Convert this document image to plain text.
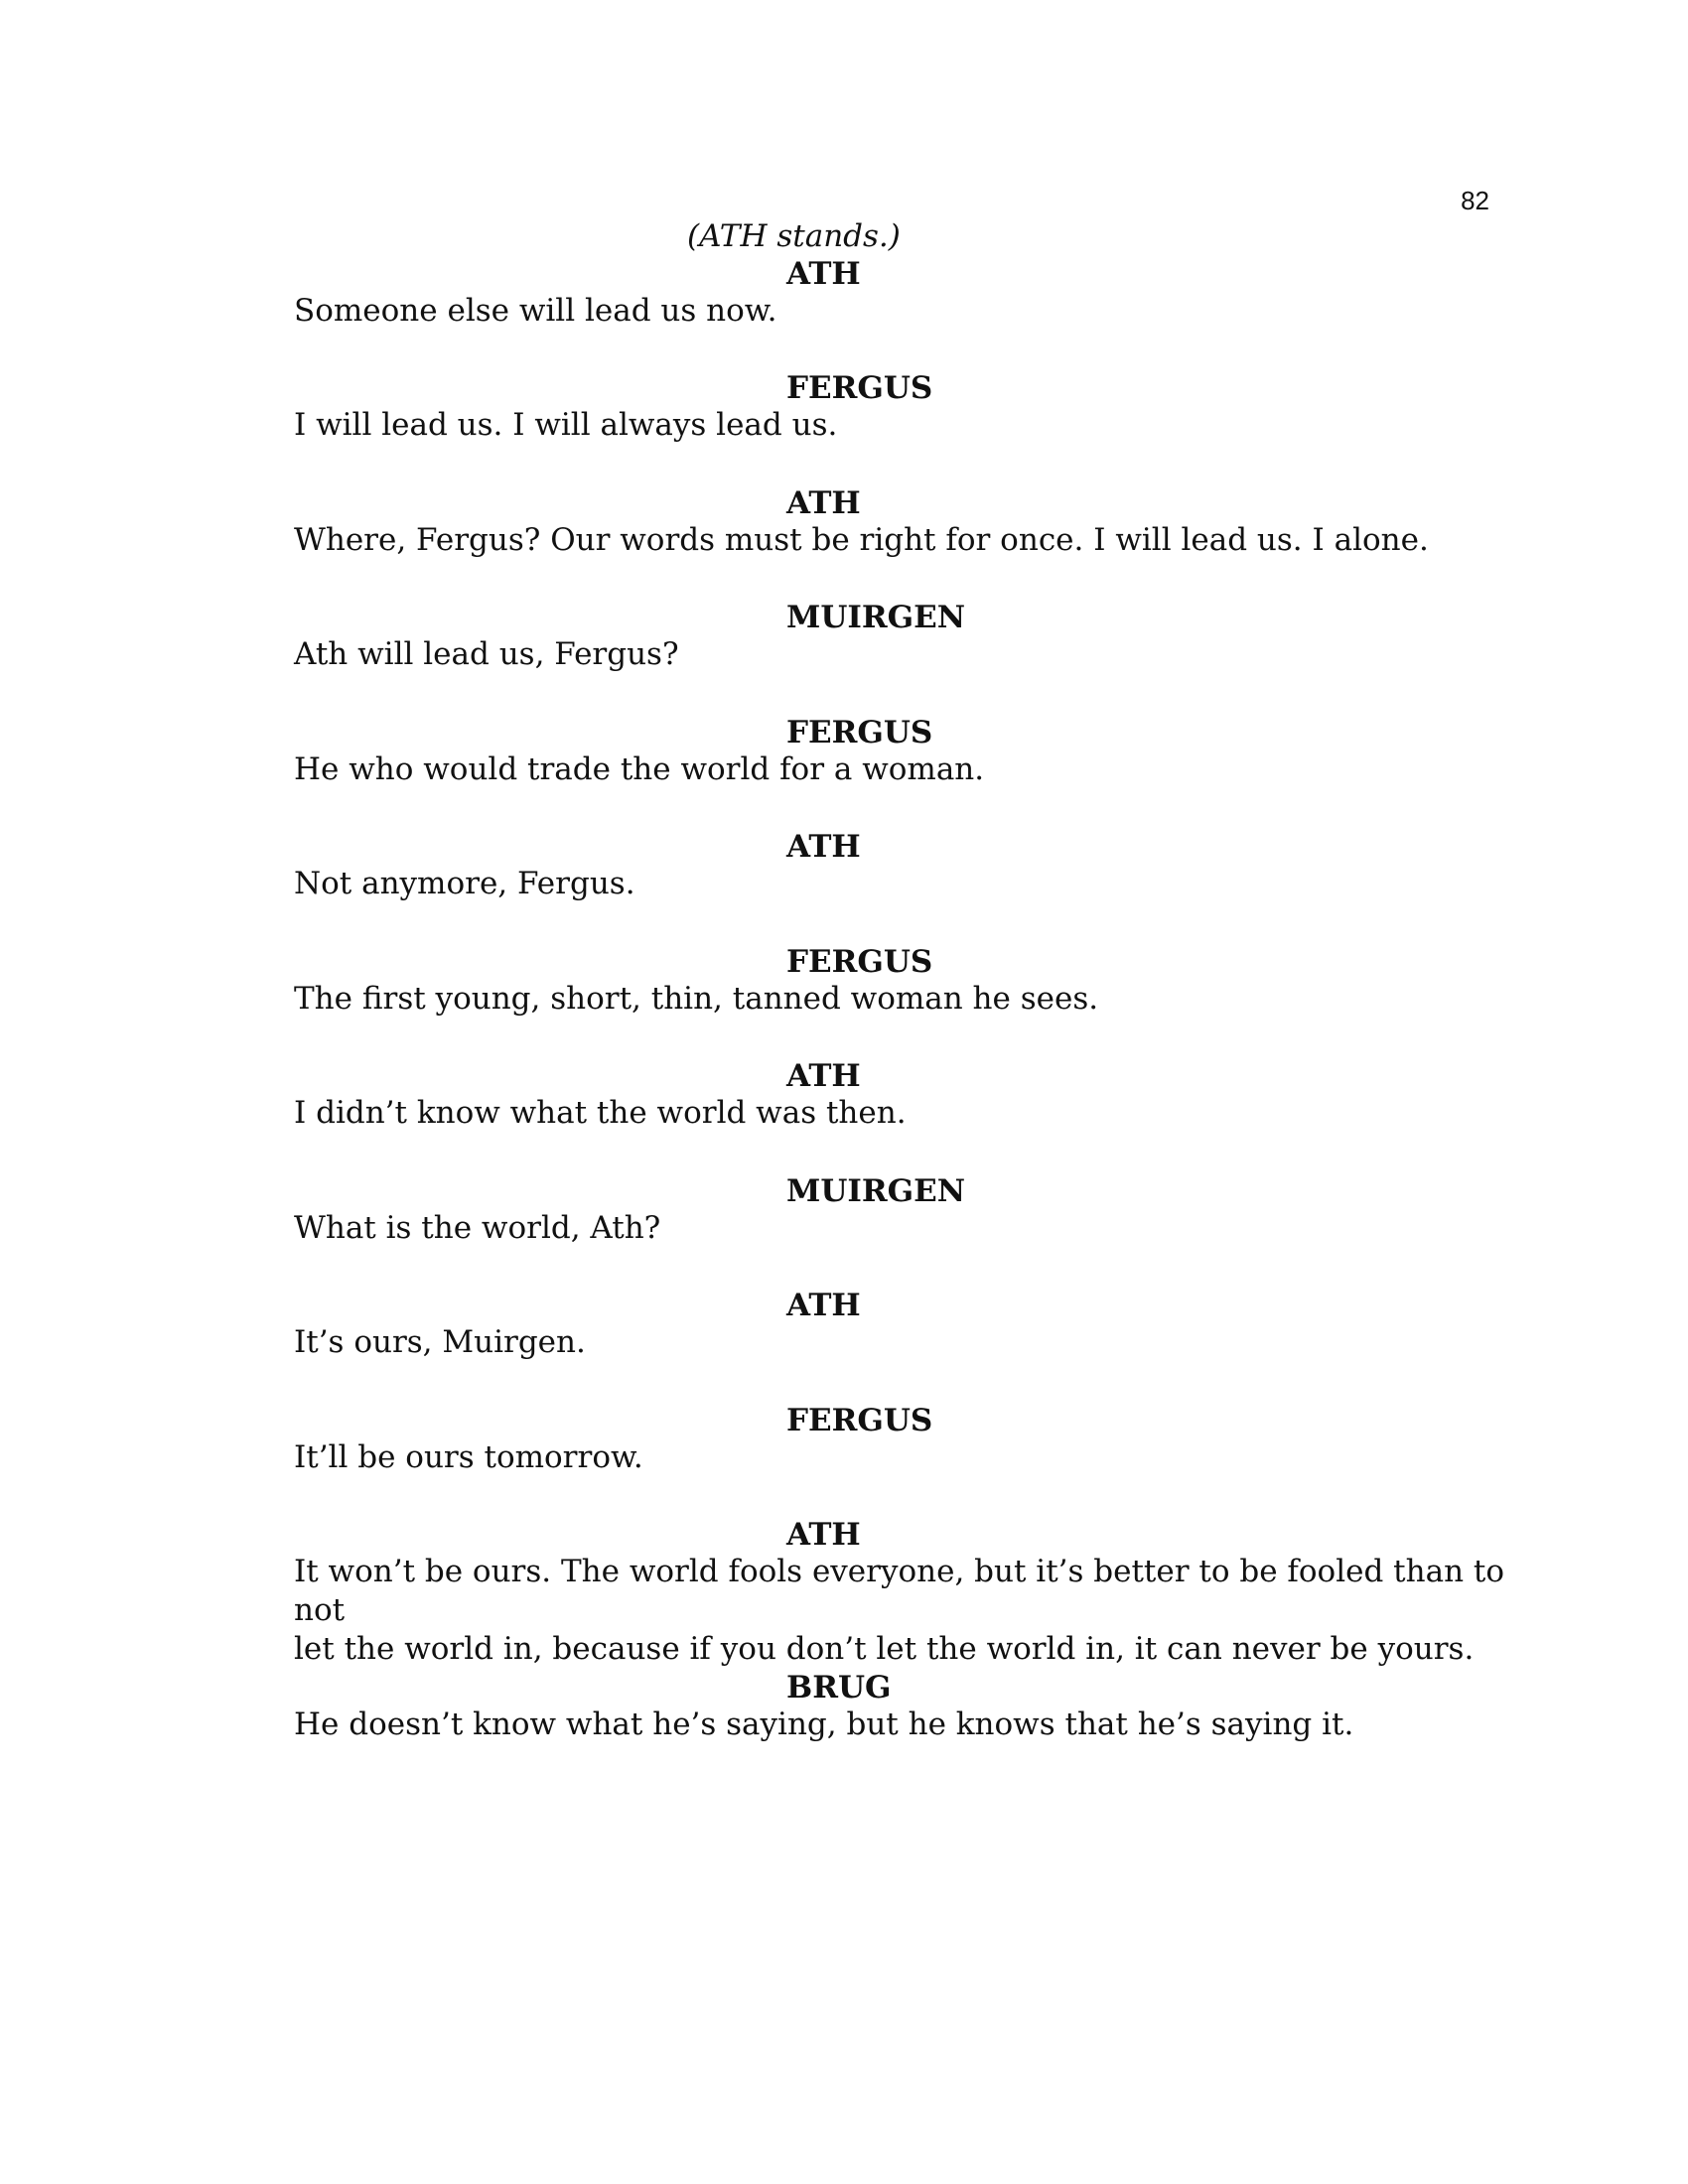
82
(ATH stands.)
ATH
Someone else will lead us now.
FERGUS
I will lead us. I will always lead us.
ATH
Where, Fergus? Our words must be right for once. I will lead us. I alone.
MUIRGEN
Ath will lead us, Fergus?
FERGUS
He who would trade the world for a woman.
ATH
Not anymore, Fergus.
FERGUS
The first young, short, thin, tanned woman he sees.
ATH
I didn’t know what the world was then.
MUIRGEN
What is the world, Ath?
ATH
It’s ours, Muirgen.
FERGUS
It’ll be ours tomorrow.
ATH
It won’t be ours. The world fools everyone, but it’s better to be fooled than to not
let the world in, because if you don’t let the world in, it can never be yours.
BRUG
He doesn’t know what he’s saying, but he knows that he’s saying it.
